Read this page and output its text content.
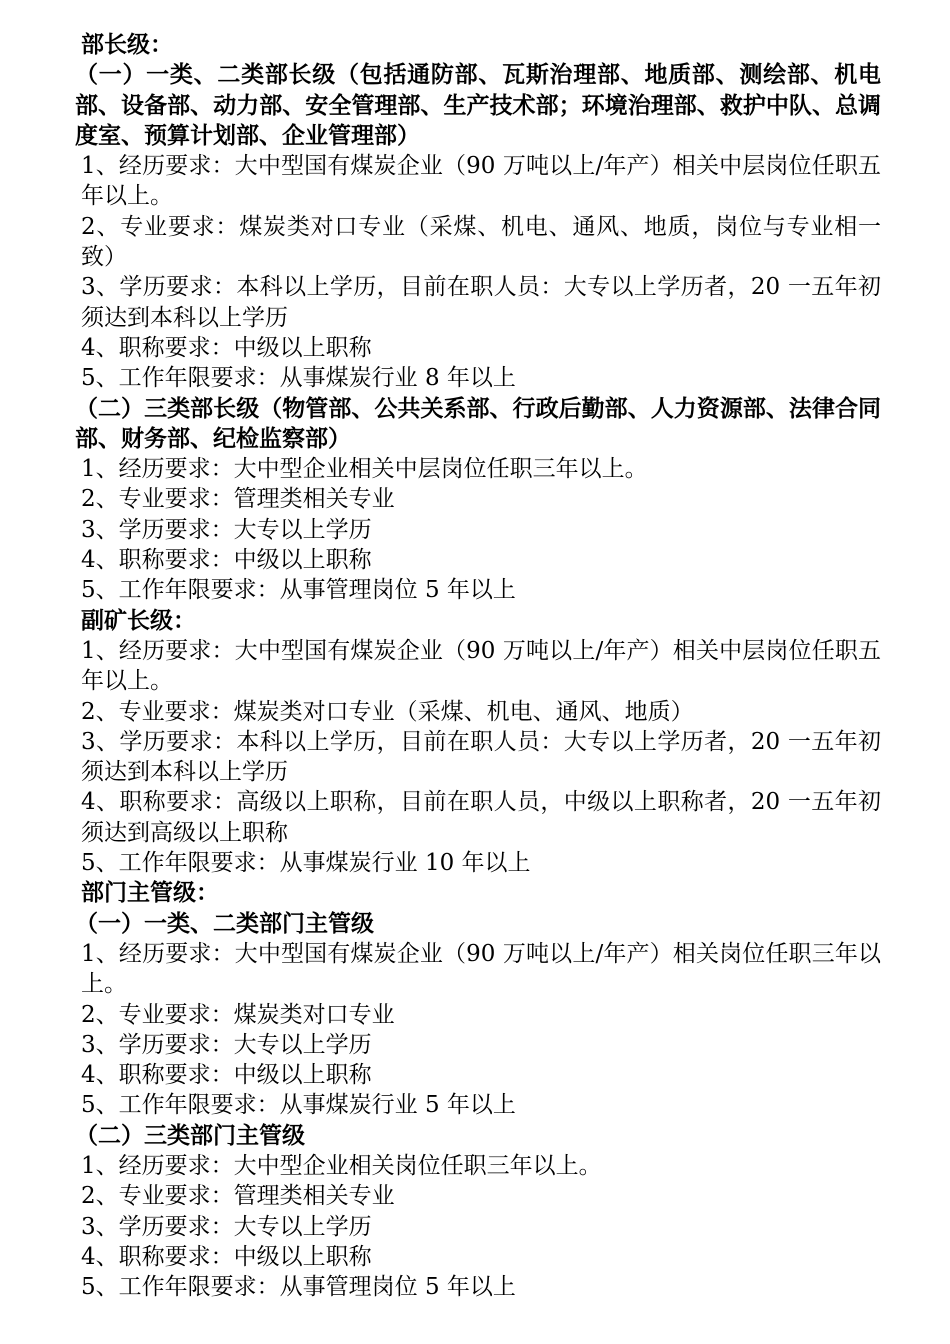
部长级：

（一）一类、二类部长级（包括通防部、瓦斯治理部、地质部、测绘部、机电部、设备部、动力部、安全管理部、生产技术部；环境治理部、救护中队、总调度室、预算计划部、企业管理部）

1、经历要求：大中型国有煤炭企业（90 万吨以上/年产）相关中层岗位任职五年以上。

2、专业要求：煤炭类对口专业（采煤、机电、通风、地质，岗位与专业相一致）

3、学历要求：本科以上学历，目前在职人员：大专以上学历者，20 一五年初须达到本科以上学历

4、职称要求：中级以上职称

5、工作年限要求：从事煤炭行业 8 年以上

（二）三类部长级（物管部、公共关系部、行政后勤部、人力资源部、法律合同部、财务部、纪检监察部）

1、经历要求：大中型企业相关中层岗位任职三年以上。

2、专业要求：管理类相关专业

3、学历要求：大专以上学历

4、职称要求：中级以上职称

5、工作年限要求：从事管理岗位 5 年以上

副矿长级：

1、经历要求：大中型国有煤炭企业（90 万吨以上/年产）相关中层岗位任职五年以上。

2、专业要求：煤炭类对口专业（采煤、机电、通风、地质）

3、学历要求：本科以上学历，目前在职人员：大专以上学历者，20 一五年初须达到本科以上学历

4、职称要求：高级以上职称，目前在职人员，中级以上职称者，20 一五年初须达到高级以上职称

5、工作年限要求：从事煤炭行业 10 年以上

部门主管级：

（一）一类、二类部门主管级

1、经历要求：大中型国有煤炭企业（90 万吨以上/年产）相关岗位任职三年以上。

2、专业要求：煤炭类对口专业

3、学历要求：大专以上学历

4、职称要求：中级以上职称

5、工作年限要求：从事煤炭行业 5 年以上

（二）三类部门主管级

1、经历要求：大中型企业相关岗位任职三年以上。

2、专业要求：管理类相关专业

3、学历要求：大专以上学历

4、职称要求：中级以上职称

5、工作年限要求：从事管理岗位 5 年以上
